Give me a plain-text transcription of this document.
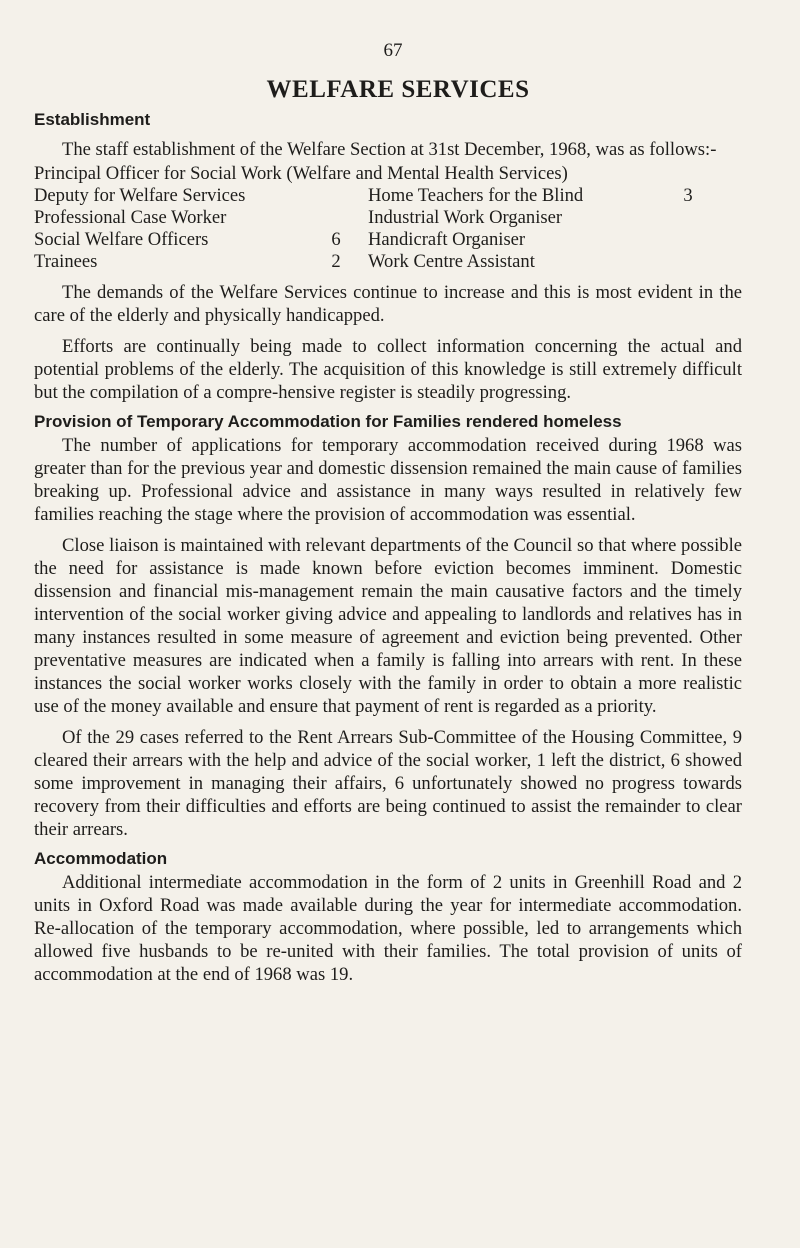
67
WELFARE SERVICES
Establishment

The staff establishment of the Welfare Section at 31st December, 1968, was as follows:-

Principal Officer for Social Work (Welfare and Mental Health Services)
Deputy for Welfare Services	Home Teachers for the Blind	3
Professional Case Worker	Industrial Work Organiser
Social Welfare Officers	6	Handicraft Organiser
Trainees	2	Work Centre Assistant

The demands of the Welfare Services continue to increase and this is most evident in the care of the elderly and physically handicapped.

Efforts are continually being made to collect information concerning the actual and potential problems of the elderly. The acquisition of this knowledge is still extremely difficult but the compilation of a compre-hensive register is steadily progressing.

Provision of Temporary Accommodation for Families rendered homeless

The number of applications for temporary accommodation received during 1968 was greater than for the previous year and domestic dissension remained the main cause of families breaking up. Professional advice and assistance in many ways resulted in relatively few families reaching the stage where the provision of accommodation was essential.

Close liaison is maintained with relevant departments of the Council so that where possible the need for assistance is made known before eviction becomes imminent. Domestic dissension and financial mis-management remain the main causative factors and the timely intervention of the social worker giving advice and appealing to landlords and relatives has in many instances resulted in some measure of agreement and eviction being prevented. Other preventative measures are indicated when a family is falling into arrears with rent. In these instances the social worker works closely with the family in order to obtain a more realistic use of the money available and ensure that payment of rent is regarded as a priority.

Of the 29 cases referred to the Rent Arrears Sub-Committee of the Housing Committee, 9 cleared their arrears with the help and advice of the social worker, 1 left the district, 6 showed some improvement in managing their affairs, 6 unfortunately showed no progress towards recovery from their difficulties and efforts are being continued to assist the remainder to clear their arrears.

Accommodation

Additional intermediate accommodation in the form of 2 units in Greenhill Road and 2 units in Oxford Road was made available during the year for intermediate accommodation. Re-allocation of the temporary accommodation, where possible, led to arrangements which allowed five husbands to be re-united with their families. The total provision of units of accommodation at the end of 1968 was 19.
